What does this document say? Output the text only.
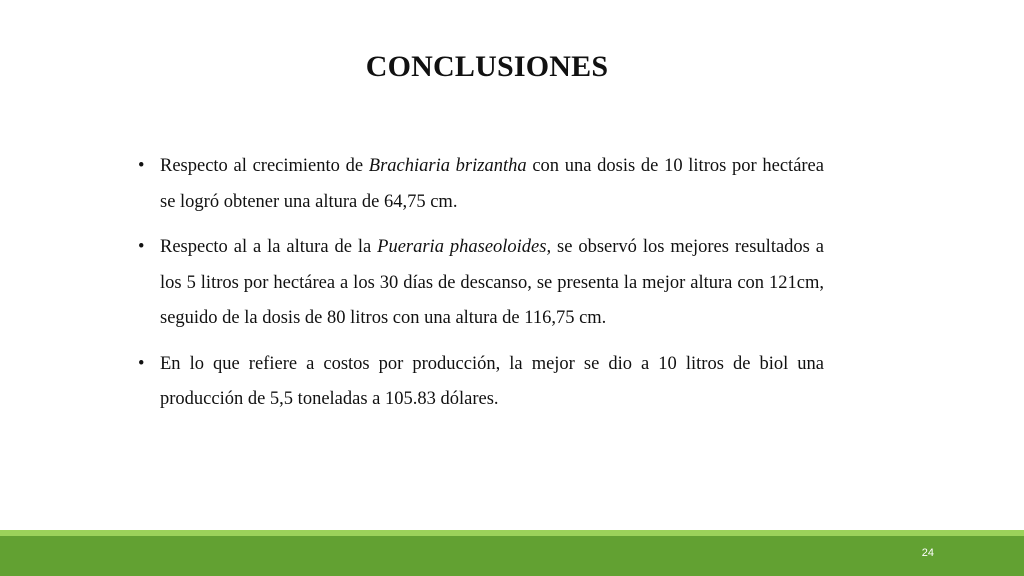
CONCLUSIONES
• Respecto al crecimiento de Brachiaria brizantha con una dosis de 10 litros por hectárea se logró obtener una altura de 64,75 cm.
• Respecto al a la altura de la Pueraria phaseoloides, se observó los mejores resultados a los 5 litros por hectárea a los 30 días de descanso, se presenta la mejor altura con 121cm, seguido de la dosis de 80 litros con una altura de 116,75 cm.
• En lo que refiere a costos por producción, la mejor se dio a 10 litros de biol una producción de 5,5 toneladas a 105.83 dólares.
24
